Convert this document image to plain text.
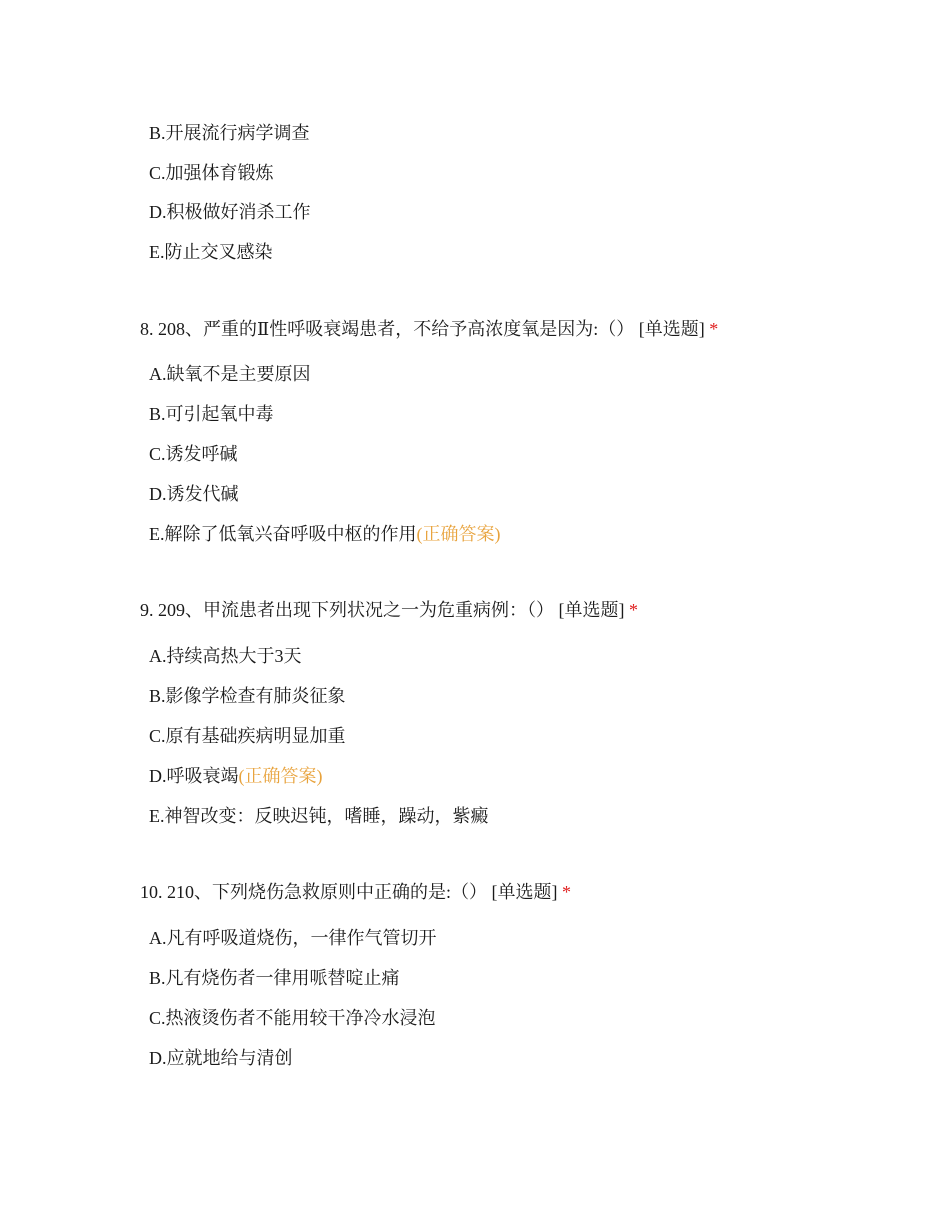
B.开展流行病学调查
C.加强体育锻炼
D.积极做好消杀工作
E.防止交叉感染
8. 208、严重的Ⅱ性呼吸衰竭患者，不给予高浓度氧是因为:（） [单选题] *
A.缺氧不是主要原因
B.可引起氧中毒
C.诱发呼碱
D.诱发代碱
E.解除了低氧兴奋呼吸中枢的作用(正确答案)
9. 209、甲流患者出现下列状况之一为危重病例：（） [单选题] *
A.持续高热大于3天
B.影像学检查有肺炎征象
C.原有基础疾病明显加重
D.呼吸衰竭(正确答案)
E.神智改变：反映迟钝，嗜睡，躁动，紫癜
10. 210、下列烧伤急救原则中正确的是:（） [单选题] *
A.凡有呼吸道烧伤，一律作气管切开
B.凡有烧伤者一律用哌替啶止痛
C.热液烫伤者不能用较干净冷水浸泡
D.应就地给与清创
